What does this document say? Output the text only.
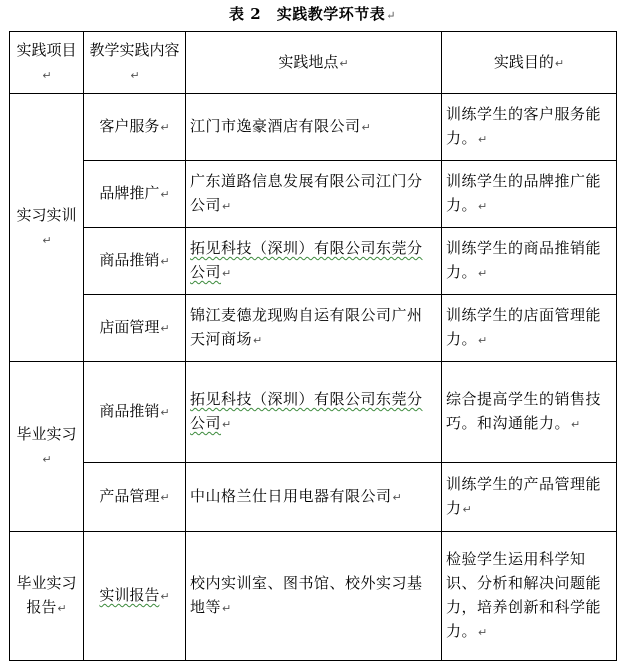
表 2　实践教学环节表↵
实践项目↵	教学实践内容↵	实践地点↵	实践目的↵
实习实训↵	客户服务↵	江门市逸豪酒店有限公司↵	训练学生的客户服务能力。↵
	品牌推广↵	广东道路信息发展有限公司江门分公司↵	训练学生的品牌推广能力。↵
	商品推销↵	拓见科技（深圳）有限公司东莞分公司↵	训练学生的商品推销能力。↵
	店面管理↵	锦江麦德龙现购自运有限公司广州天河商场↵	训练学生的店面管理能力。↵
毕业实习↵	商品推销↵	拓见科技（深圳）有限公司东莞分公司↵	综合提高学生的销售技巧。和沟通能力。↵
	产品管理↵	中山格兰仕日用电器有限公司↵	训练学生的产品管理能力↵
毕业实习报告↵	实训报告↵	校内实训室、图书馆、校外实习基地等↵	检验学生运用科学知识、分析和解决问题能力，培养创新和科学能力。↵
